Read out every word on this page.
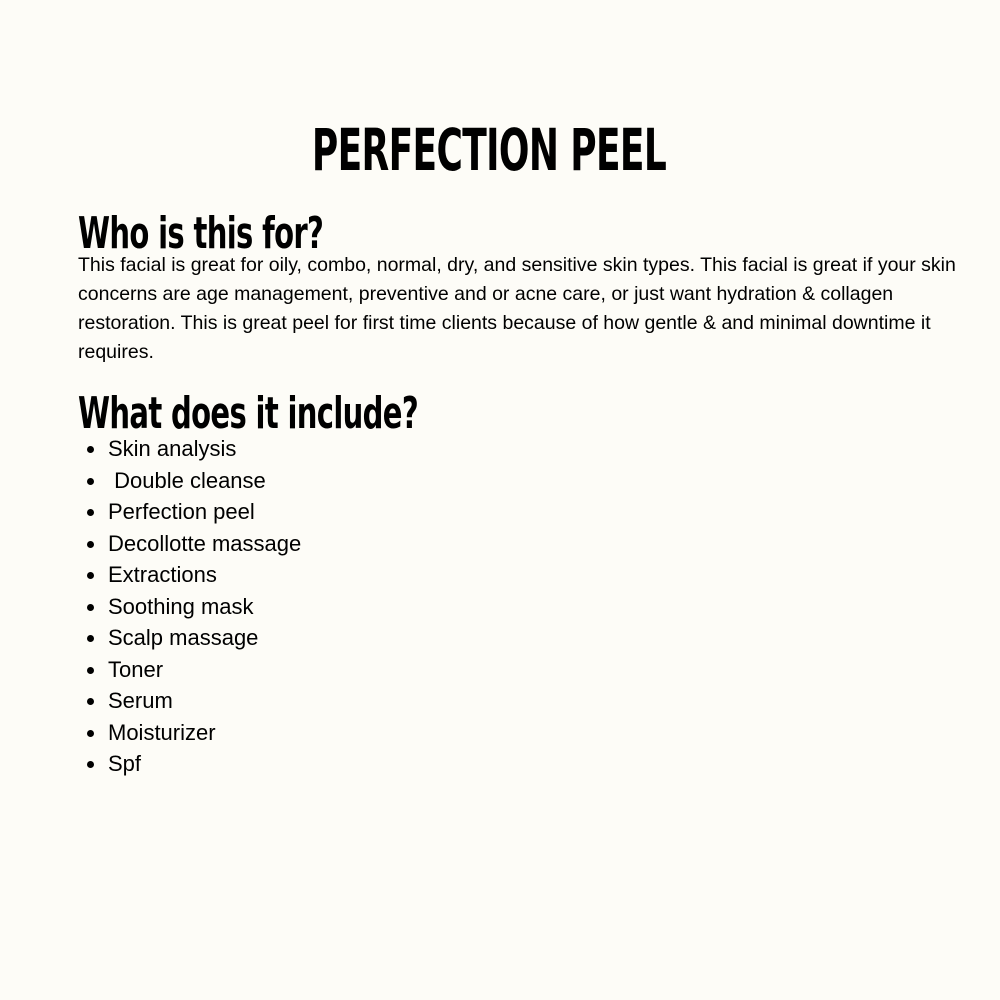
PERFECTION PEEL
Who is this for?

This facial is great for oily, combo, normal, dry, and sensitive skin types. This facial is great if your skin concerns are age management, preventive and or acne care, or just want hydration & collagen restoration. This is great peel for first time clients because of how gentle & and minimal downtime it requires.

What does it include?
Skin analysis
Double cleanse
Perfection peel
Decollotte massage
Extractions
Soothing mask
Scalp massage
Toner
Serum
Moisturizer
Spf
